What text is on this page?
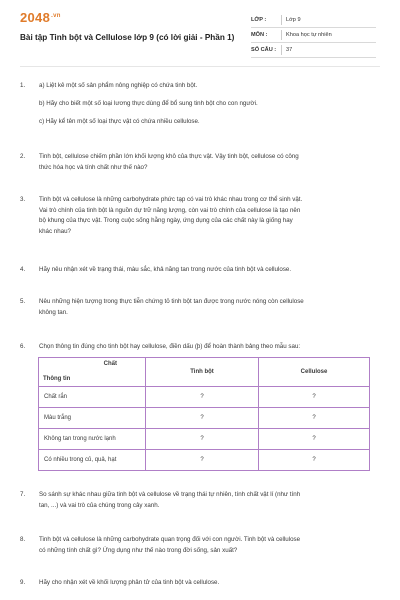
$2048^{.vn}$
Bài tập Tinh bột và Cellulose lớp 9 (có lời giải - Phần 1)
LỚP :	Lớp 9
MÔN :	Khoa học tự nhiên
SỐ CÂU :	37
1.	a) Liệt kê một số sản phẩm nông nghiệp có chứa tinh bột.

b) Hãy cho biết một số loại lương thực dùng để bổ sung tinh bột cho con người.

c) Hãy kể tên một số loại thực vật có chứa nhiều cellulose.

2.	Tinh bột, cellulose chiếm phần lớn khối lượng khô của thực vật. Vậy tinh bột, cellulose có công

thức hóa học và tính chất như thế nào?

3.	Tinh bột và cellulose là những carbohydrate phức tạp có vai trò khác nhau trong cơ thể sinh vật.

Vai trò chính của tinh bột là nguồn dự trữ năng lượng, còn vai trò chính của cellulose là tạo nên

bộ khung của thực vật. Trong cuộc sống hằng ngày, ứng dụng của các chất này là giống hay

khác nhau?

4.	Hãy nêu nhận xét về trạng thái, màu sắc, khả năng tan trong nước của tinh bột và cellulose.

5.	Nêu những hiện tượng trong thực tiễn chứng tỏ tinh bột tan được trong nước nóng còn cellulose

không tan.

6.	Chọn thông tin đúng cho tinh bột hay cellulose, điền dấu (þ) để hoàn thành bảng theo mẫu sau:

Chất
Thông tin	Tinh bột	Cellulose
Chất rắn	?	?
Màu trắng	?	?
Không tan trong nước lạnh	?	?
Có nhiều trong củ, quả, hạt	?	?
7.	So sánh sự khác nhau giữa tinh bột và cellulose về trạng thái tự nhiên, tính chất vật lí (như tính

tan, ...) và vai trò của chúng trong cây xanh.

8.	Tinh bột và cellulose là những carbohydrate quan trọng đối với con người. Tinh bột và cellulose

có những tính chất gì? Ứng dụng như thế nào trong đời sống, sản xuất?

9.	Hãy cho nhận xét về khối lượng phân tử của tinh bột và cellulose.
